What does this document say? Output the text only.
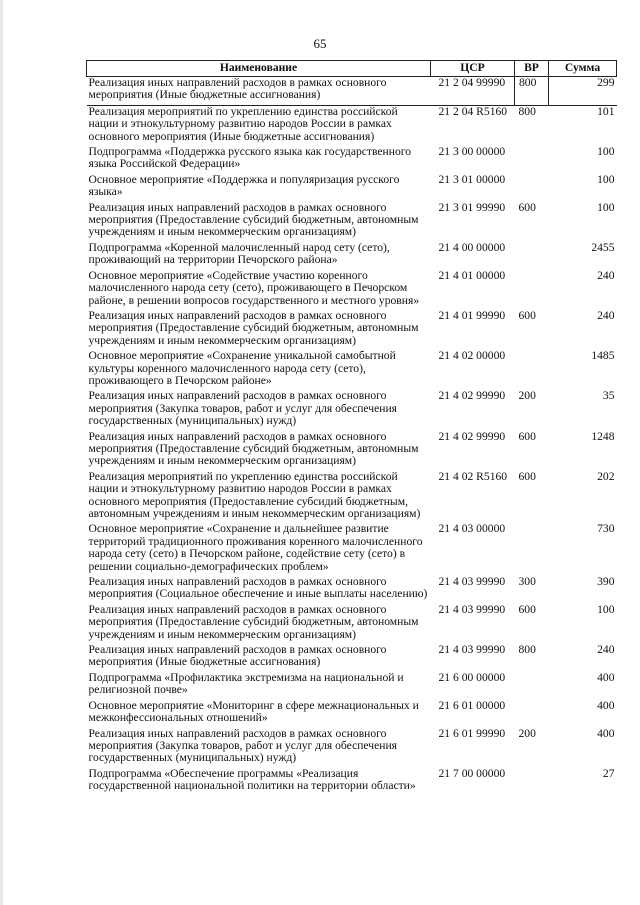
65
Наименование	ЦСР	ВР	Сумма
Реализация иных направлений расходов в рамках основного мероприятия (Иные бюджетные ассигнования)	21 2 04 99990	800	299
Реализация мероприятий по укреплению единства российской нации и этнокультурному развитию народов России в рамках основного мероприятия (Иные бюджетные ассигнования)	21 2 04 R5160	800	101
Подпрограмма «Поддержка русского языка как государственного языка Российской Федерации»	21 3 00 00000		100
Основное мероприятие «Поддержка и популяризация русского языка»	21 3 01 00000		100
Реализация иных направлений расходов в рамках основного мероприятия (Предоставление субсидий бюджетным, автономным учреждениям и иным некоммерческим организациям)	21 3 01 99990	600	100
Подпрограмма «Коренной малочисленный народ сету (сето), проживающий на территории Печорского района»	21 4 00 00000		2455
Основное мероприятие «Содействие участию коренного малочисленного народа сету (сето), проживающего в Печорском районе, в решении вопросов государственного и местного уровня»	21 4 01 00000		240
Реализация иных направлений расходов в рамках основного мероприятия (Предоставление субсидий бюджетным, автономным учреждениям и иным некоммерческим организациям)	21 4 01 99990	600	240
Основное мероприятие «Сохранение уникальной самобытной культуры коренного малочисленного народа сету (сето), проживающего в Печорском районе»	21 4 02 00000		1485
Реализация иных направлений расходов в рамках основного мероприятия (Закупка товаров, работ и услуг для обеспечения государственных (муниципальных) нужд)	21 4 02 99990	200	35
Реализация иных направлений расходов в рамках основного мероприятия (Предоставление субсидий бюджетным, автономным учреждениям и иным некоммерческим организациям)	21 4 02 99990	600	1248
Реализация мероприятий по укреплению единства российской нации и этнокультурному развитию народов России в рамках основного мероприятия (Предоставление субсидий бюджетным, автономным учреждениям и иным некоммерческим организациям)	21 4 02 R5160	600	202
Основное мероприятие «Сохранение и дальнейшее развитие территорий традиционного проживания коренного малочисленного народа сету (сето) в Печорском районе, содействие сету (сето) в решении социально-демографических проблем»	21 4 03 00000		730
Реализация иных направлений расходов в рамках основного мероприятия (Социальное обеспечение и иные выплаты населению)	21 4 03 99990	300	390
Реализация иных направлений расходов в рамках основного мероприятия (Предоставление субсидий бюджетным, автономным учреждениям и иным некоммерческим организациям)	21 4 03 99990	600	100
Реализация иных направлений расходов в рамках основного мероприятия (Иные бюджетные ассигнования)	21 4 03 99990	800	240
Подпрограмма «Профилактика экстремизма на национальной и религиозной почве»	21 6 00 00000		400
Основное мероприятие «Мониторинг в сфере межнациональных и межконфессиональных отношений»	21 6 01 00000		400
Реализация иных направлений расходов в рамках основного мероприятия (Закупка товаров, работ и услуг для обеспечения государственных (муниципальных) нужд)	21 6 01 99990	200	400
Подпрограмма «Обеспечение программы «Реализация государственной национальной политики на территории области»	21 7 00 00000		27
